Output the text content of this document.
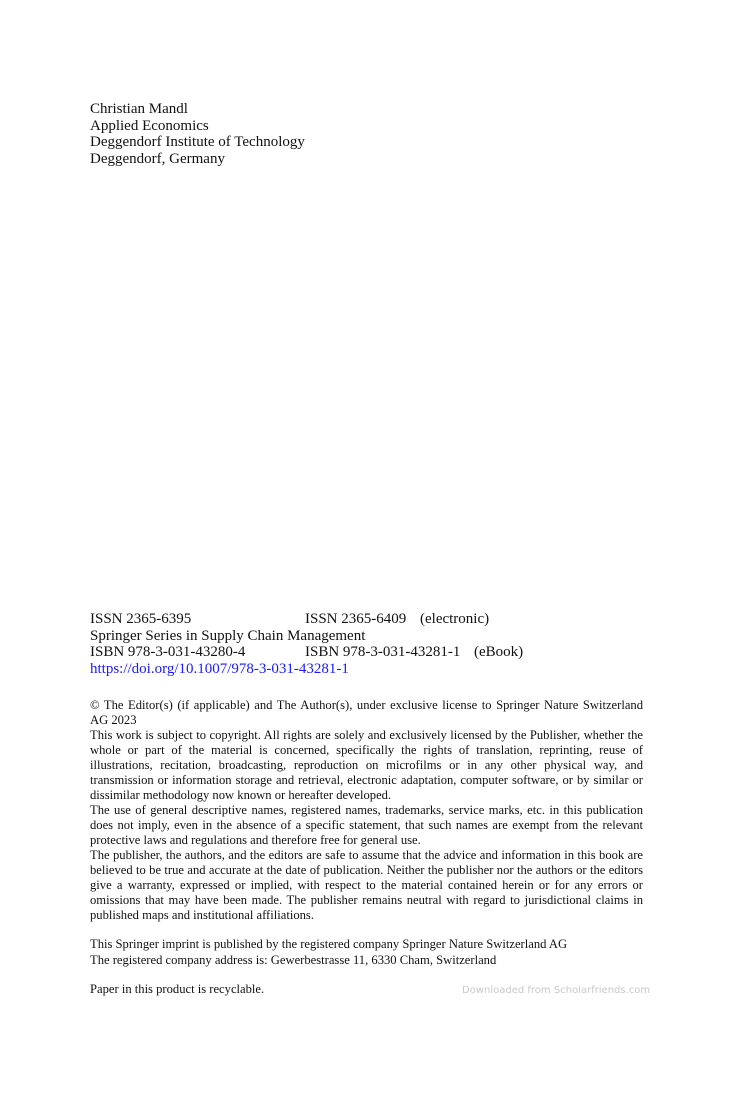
Christian Mandl
Applied Economics
Deggendorf Institute of Technology
Deggendorf, Germany
ISSN 2365-6395	ISSN 2365-6409 (electronic)
Springer Series in Supply Chain Management
ISBN 978-3-031-43280-4	ISBN 978-3-031-43281-1 (eBook)
https://doi.org/10.1007/978-3-031-43281-1

© The Editor(s) (if applicable) and The Author(s), under exclusive license to Springer Nature Switzerland AG 2023

This work is subject to copyright. All rights are solely and exclusively licensed by the Publisher, whether the whole or part of the material is concerned, specifically the rights of translation, reprinting, reuse of illustrations, recitation, broadcasting, reproduction on microfilms or in any other physical way, and transmission or information storage and retrieval, electronic adaptation, computer software, or by similar or dissimilar methodology now known or hereafter developed.

The use of general descriptive names, registered names, trademarks, service marks, etc. in this publication does not imply, even in the absence of a specific statement, that such names are exempt from the relevant protective laws and regulations and therefore free for general use.

The publisher, the authors, and the editors are safe to assume that the advice and information in this book are believed to be true and accurate at the date of publication. Neither the publisher nor the authors or the editors give a warranty, expressed or implied, with respect to the material contained herein or for any errors or omissions that may have been made. The publisher remains neutral with regard to jurisdictional claims in published maps and institutional affiliations.

This Springer imprint is published by the registered company Springer Nature Switzerland AG

The registered company address is: Gewerbestrasse 11, 6330 Cham, Switzerland

Paper in this product is recyclable.	Downloaded from Scholarfriends.com
